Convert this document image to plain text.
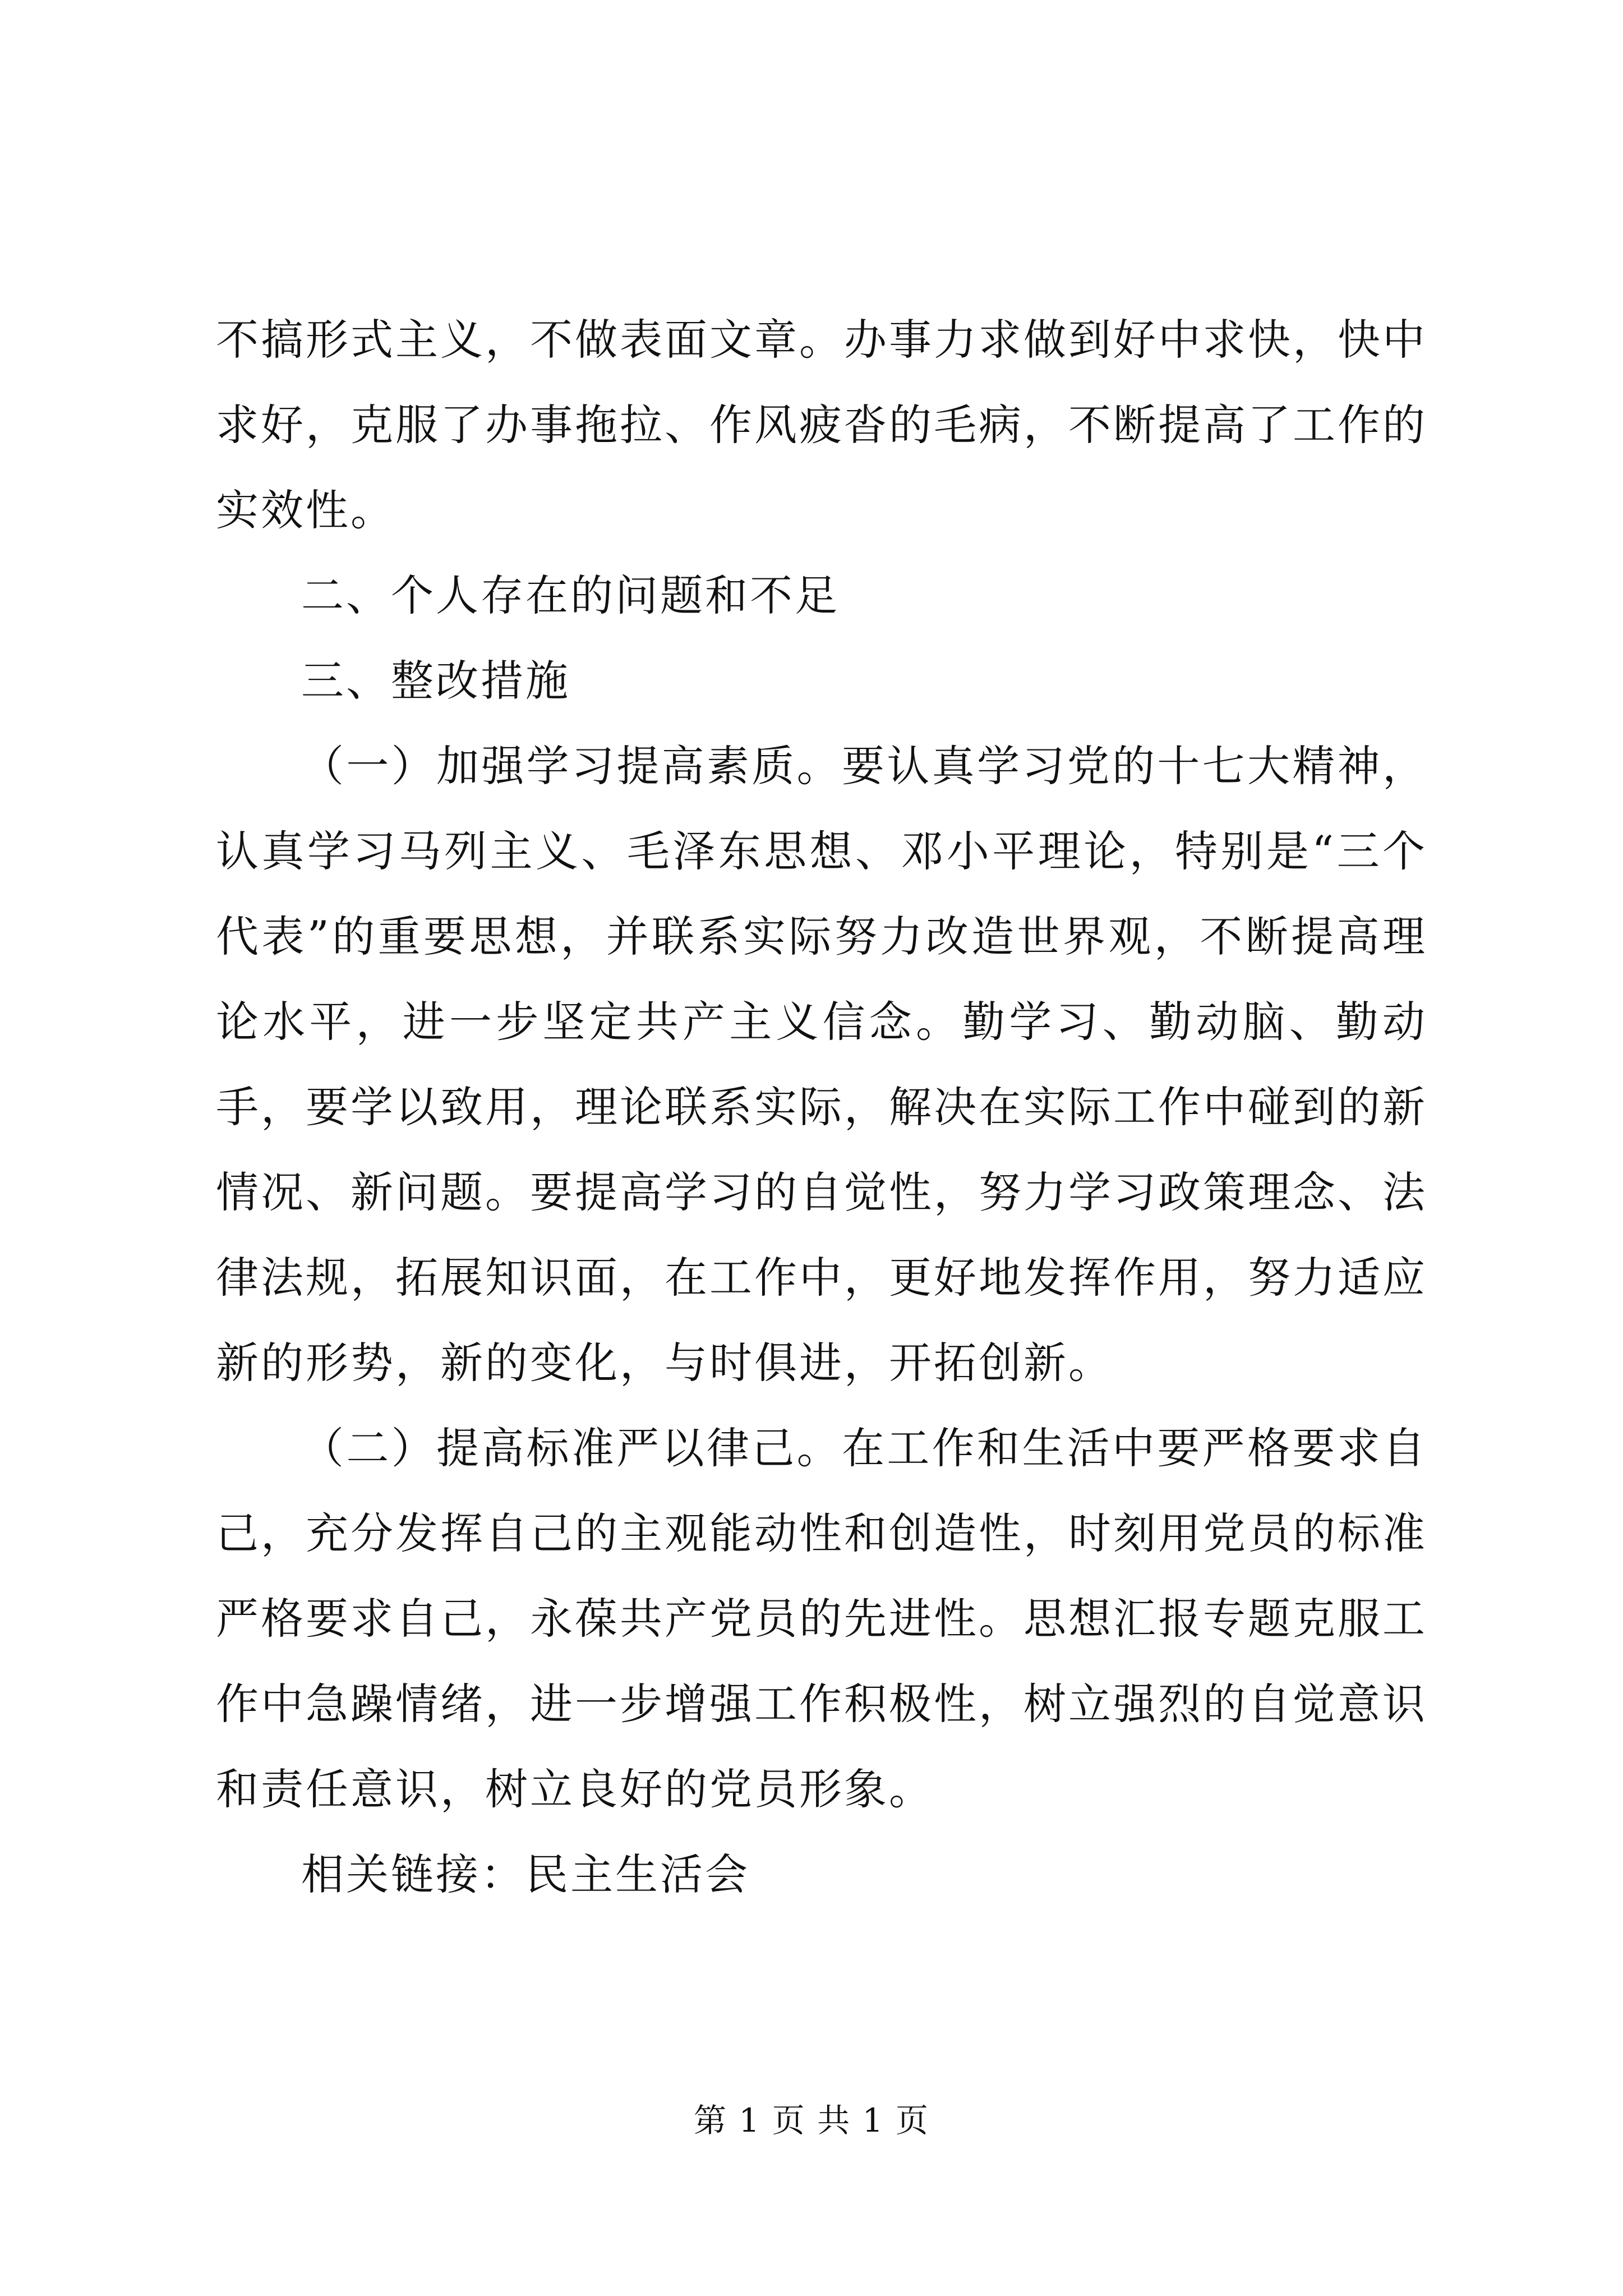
不搞形式主义，不做表面文章。办事力求做到好中求快，快中求好，克服了办事拖拉、作风疲沓的毛病，不断提高了工作的实效性。

二、个人存在的问题和不足

三、整改措施

（一）加强学习提高素质。要认真学习党的十七大精神，认真学习马列主义、毛泽东思想、邓小平理论，特别是“三个代表”的重要思想，并联系实际努力改造世界观，不断提高理论水平，进一步坚定共产主义信念。勤学习、勤动脑、勤动手，要学以致用，理论联系实际，解决在实际工作中碰到的新情况、新问题。要提高学习的自觉性，努力学习政策理念、法律法规，拓展知识面，在工作中，更好地发挥作用，努力适应新的形势，新的变化，与时俱进，开拓创新。

（二）提高标准严以律己。在工作和生活中要严格要求自己，充分发挥自己的主观能动性和创造性，时刻用党员的标准严格要求自己，永葆共产党员的先进性。思想汇报专题克服工作中急躁情绪，进一步增强工作积极性，树立强烈的自觉意识和责任意识，树立良好的党员形象。

相关链接：民主生活会

第 1 页 共 1 页
